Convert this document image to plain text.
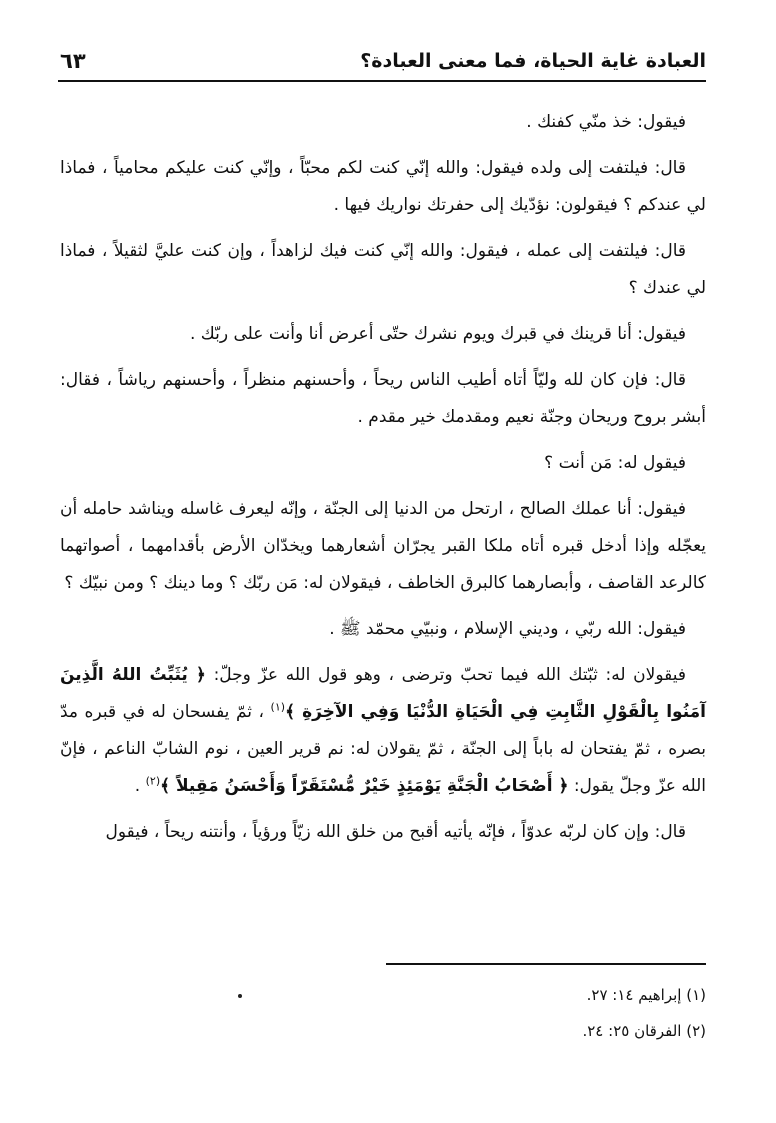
العبادة غاية الحياة، فما معنى العبادة؟
٦٣

فيقول: خذ منّي كفنك .

قال: فيلتفت إلى ولده فيقول: والله إنّي كنت لكم محبّاً ، وإنّي كنت عليكم محامياً ، فماذا لي عندكم ؟ فيقولون: نؤدّيك إلى حفرتك نواريك فيها .

قال: فيلتفت إلى عمله ، فيقول: والله إنّي كنت فيك لزاهداً ، وإن كنت عليَّ لثقيلاً ، فماذا لي عندك ؟

فيقول: أنا قرينك في قبرك ويوم نشرك حتّى أعرض أنا وأنت على ربّك .

قال: فإن كان لله وليّاً أتاه أطيب الناس ريحاً ، وأحسنهم منظراً ، وأحسنهم رياشاً ، فقال: أبشر بروح وريحان وجنّة نعيم ومقدمك خير مقدم .

فيقول له: مَن أنت ؟

فيقول: أنا عملك الصالح ، ارتحل من الدنيا إلى الجنّة ، وإنّه ليعرف غاسله ويناشد حامله أن يعجّله وإذا أدخل قبره أتاه ملكا القبر يجرّان أشعارهما ويخدّان الأرض بأقدامهما ، أصواتهما كالرعد القاصف ، وأبصارهما كالبرق الخاطف ، فيقولان له: مَن ربّك ؟ وما دينك ؟ ومن نبيّك ؟

فيقول: الله ربّي ، وديني الإسلام ، ونبيّي محمّد ﷺ .

فيقولان له: ثبّتك الله فيما تحبّ وترضى ، وهو قول الله عزّ وجلّ: ﴿ يُثَبِّتُ اللهُ الَّذِينَ آمَنُوا بِالْقَوْلِ الثَّابِتِ فِي الْحَيَاةِ الدُّنْيَا وَفِي الآخِرَةِ ﴾$^{(١)}$ ، ثمّ يفسحان له في قبره مدّ بصره ، ثمّ يفتحان له باباً إلى الجنّة ، ثمّ يقولان له: نم قرير العين ، نوم الشابّ الناعم ، فإنّ الله عزّ وجلّ يقول: ﴿ أَصْحَابُ الْجَنَّةِ يَوْمَئِذٍ خَيْرٌ مُّسْتَقَرّاً وَأَحْسَنُ مَقِيلاً ﴾$^{(٢)}$ .

قال: وإن كان لربّه عدوّاً ، فإنّه يأتيه أقبح من خلق الله زيّاً ورؤياً ، وأنتنه ريحاً ، فيقول

(١) إبراهيم ١٤: ٢٧.
(٢) الفرقان ٢٥: ٢٤.
